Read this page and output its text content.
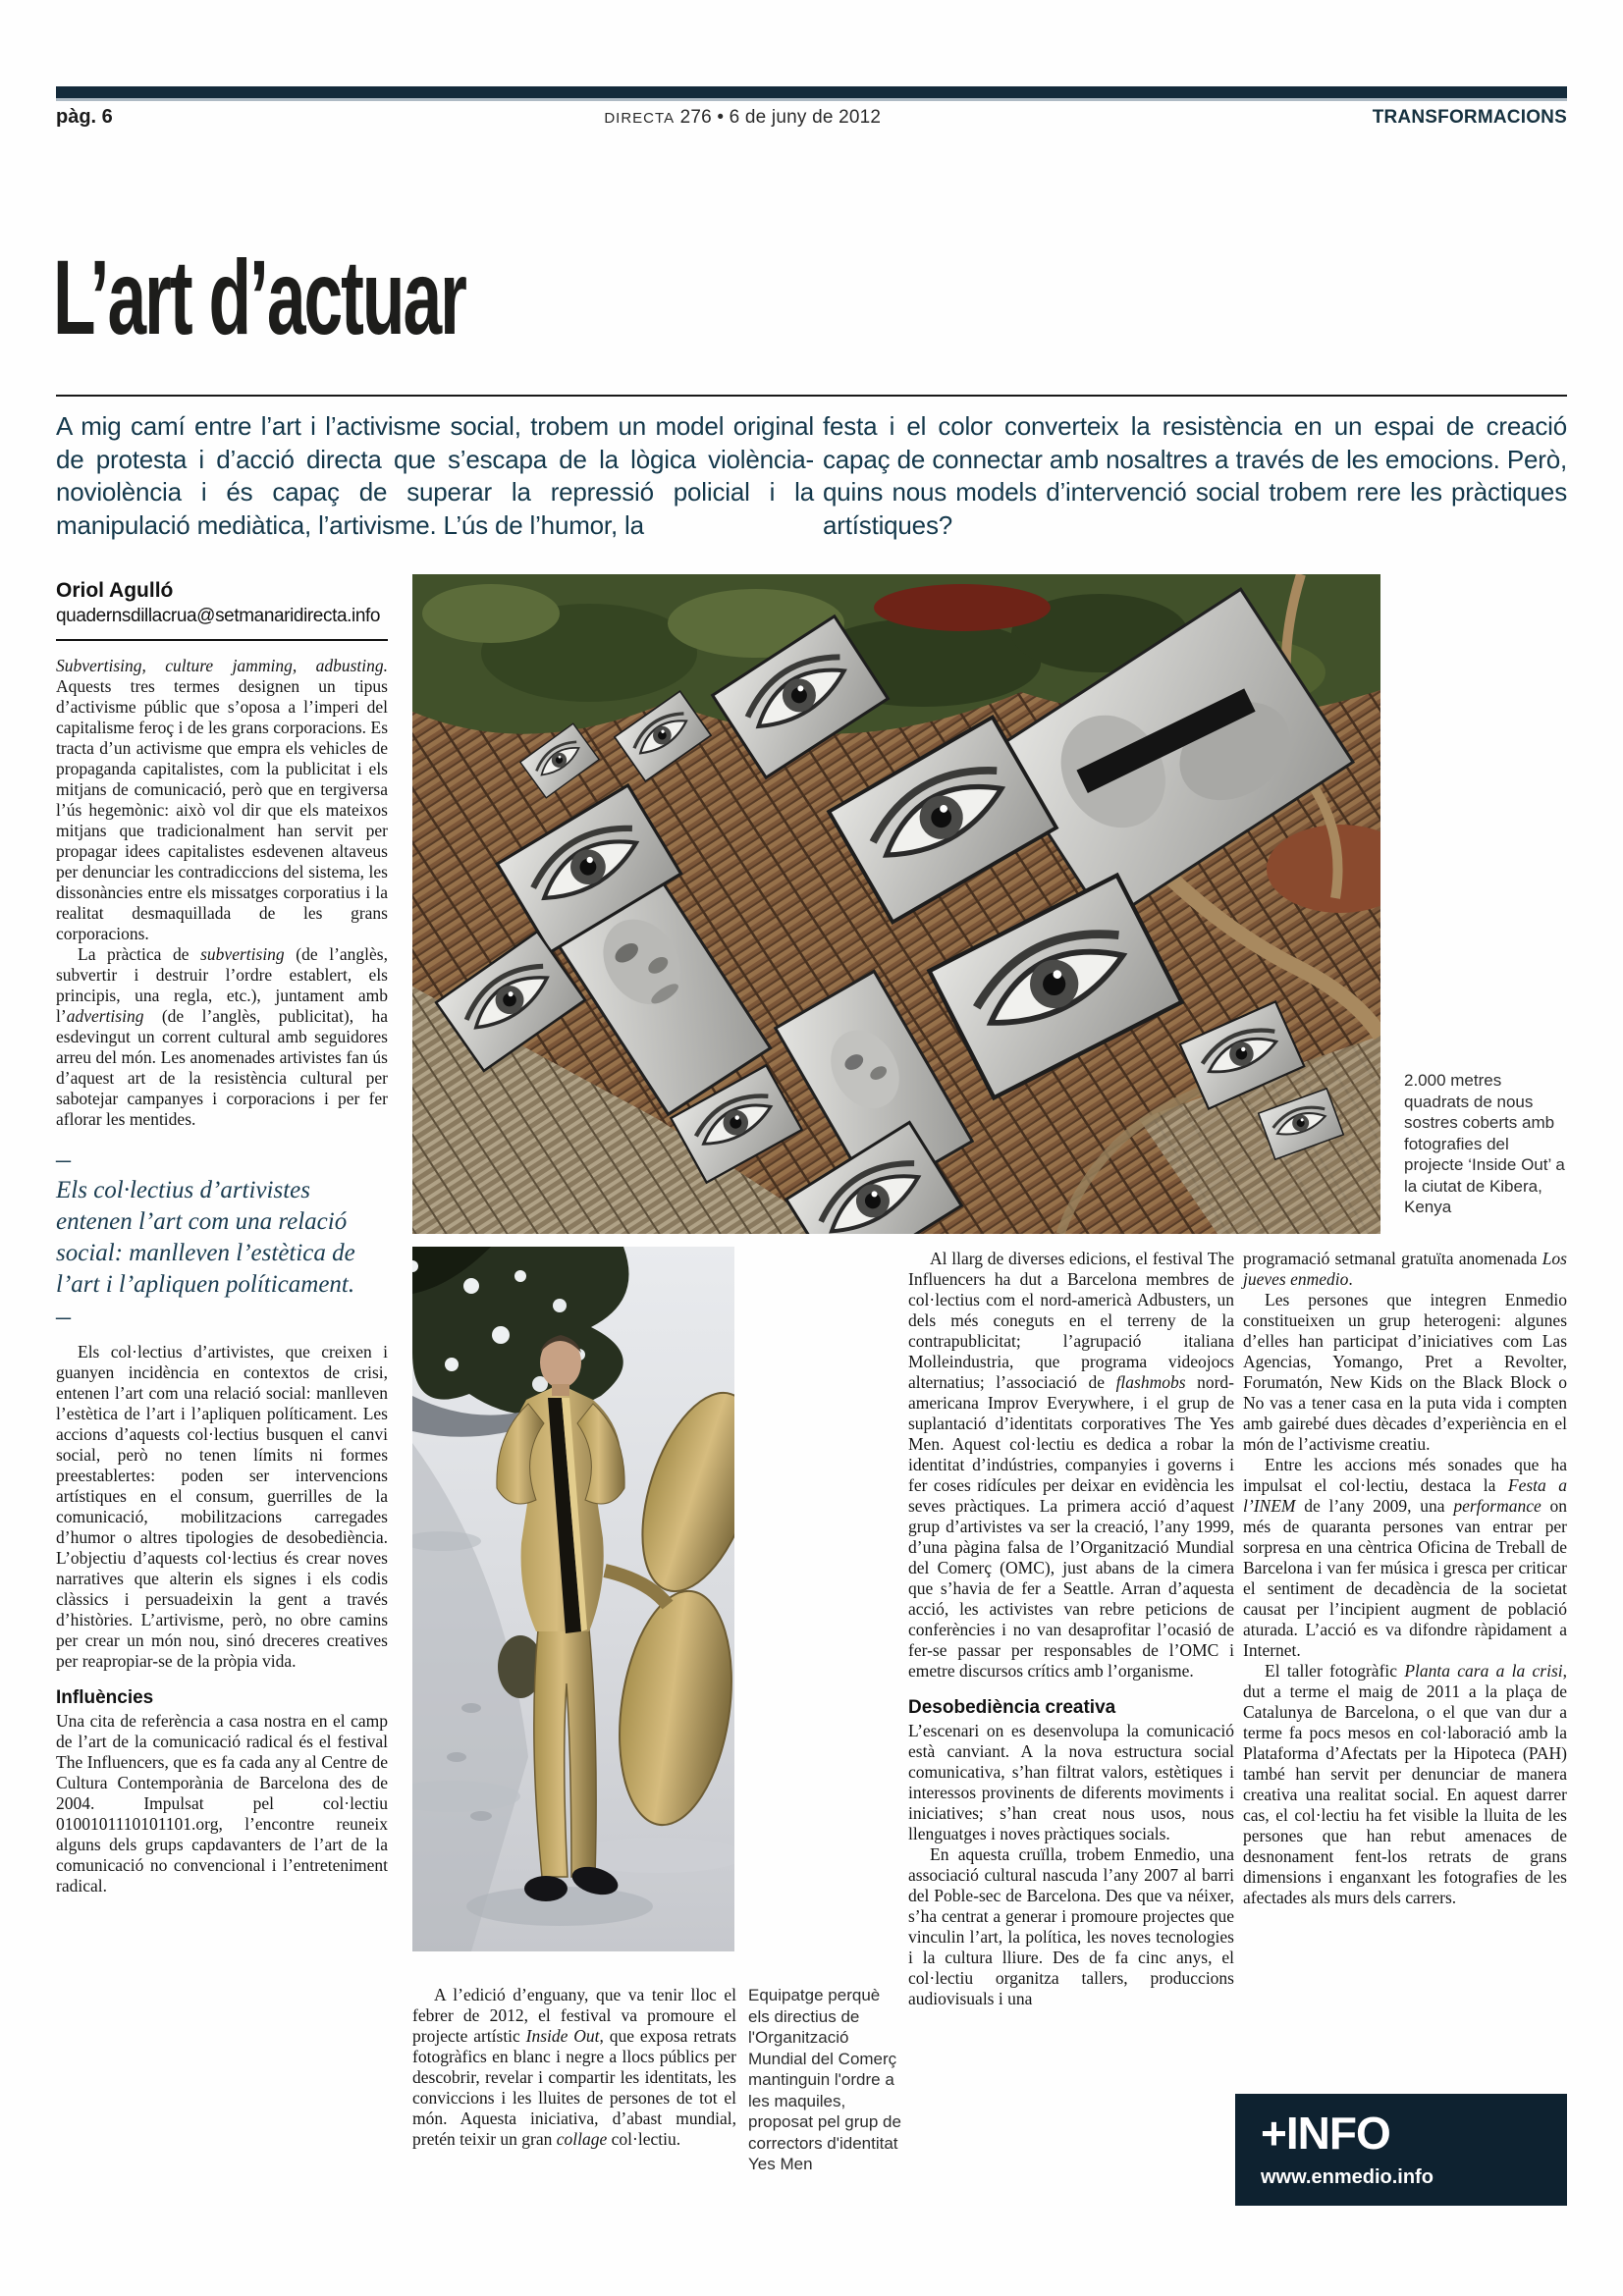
pàg. 6	DIRECTA 276 • 6 de juny de 2012	TRANSFORMACIONS
L’art d’actuar
A mig camí entre l’art i l’activisme social, trobem un model original de protesta i d’acció directa que s’escapa de la lògica violència-noviolència i és capaç de superar la repressió policial i la manipulació mediàtica, l’artivisme. L’ús de l’humor, la
festa i el color converteix la resistència en un espai de creació capaç de connectar amb nosaltres a través de les emocions. Però, quins nous models d’intervenció social trobem rere les pràctiques artístiques?
Oriol Agulló
quadernsdillacrua@setmanaridirecta.info
2.000 metres quadrats de nous sostres coberts amb fotografies del projecte ‘Inside Out’ a la ciutat de Kibera, Kenya
Equipatge perquè els directius de l'Organització Mundial del Comerç mantinguin l'ordre a les maquiles, proposat pel grup de correctors d'identitat Yes Men

Subvertising, culture jamming, adbusting. Aquests tres termes designen un tipus d’activisme públic que s’oposa a l’imperi del capitalisme feroç i de les grans corporacions. Es tracta d’un activisme que empra els vehicles de propaganda capitalistes, com la publicitat i els mitjans de comunicació, però que en tergiversa l’ús hegemònic: això vol dir que els mateixos mitjans que tradicionalment han servit per propagar idees capitalistes esdevenen altaveus per denunciar les contradiccions del sistema, les dissonàncies entre els missatges corporatius i la realitat desmaquillada de les grans corporacions.

La pràctica de subvertising (de l’anglès, subvertir i destruir l’ordre establert, els principis, una regla, etc.), juntament amb l’advertising (de l’anglès, publicitat), ha esdevingut un corrent cultural amb seguidores arreu del món. Les anomenades artivistes fan ús d’aquest art de la resistència cultural per sabotejar campanyes i corporacions i per fer aflorar les mentides.

–
Els col·lectius d’artivistes entenen l’art com una relació social: manlleven l’estètica de l’art i l’apliquen políticament.
–

Els col·lectius d’artivistes, que creixen i guanyen incidència en contextos de crisi, entenen l’art com una relació social: manlleven l’estètica de l’art i l’apliquen políticament. Les accions d’aquests col·lectius busquen el canvi social, però no tenen límits ni formes preestablertes: poden ser intervencions artístiques en el consum, guerrilles de la comunicació, mobilitzacions carregades d’humor o altres tipologies de desobediència. L’objectiu d’aquests col·lectius és crear noves narratives que alterin els signes i els codis clàssics i persuadeixin la gent a través d’històries. L’artivisme, però, no obre camins per crear un món nou, sinó dreceres creatives per reapropiar-se de la pròpia vida.

Influències

Una cita de referència a casa nostra en el camp de l’art de la comunicació radical és el festival The Influencers, que es fa cada any al Centre de Cultura Contemporània de Barcelona des de 2004. Impulsat pel col·lectiu 0100101110101101.org, l’encontre reuneix alguns dels grups capdavanters de l’art de la comunicació no convencional i l’entreteniment radical.

A l’edició d’enguany, que va tenir lloc el febrer de 2012, el festival va promoure el projecte artístic Inside Out, que exposa retrats fotogràfics en blanc i negre a llocs públics per descobrir, revelar i compartir les identitats, les conviccions i les lluites de persones de tot el món. Aquesta iniciativa, d’abast mundial, pretén teixir un gran collage col·lectiu.

Al llarg de diverses edicions, el festival The Influencers ha dut a Barcelona membres de col·lectius com el nord-americà Adbusters, un dels més coneguts en el terreny de la contrapublicitat; l’agrupació italiana Molleindustria, que programa videojocs alternatius; l’associació de flashmobs nord-americana Improv Everywhere, i el grup de suplantació d’identitats corporatives The Yes Men. Aquest col·lectiu es dedica a robar la identitat d’indústries, companyies i governs i fer coses ridícules per deixar en evidència les seves pràctiques. La primera acció d’aquest grup d’artivistes va ser la creació, l’any 1999, d’una pàgina falsa de l’Organització Mundial del Comerç (OMC), just abans de la cimera que s’havia de fer a Seattle. Arran d’aquesta acció, les activistes van rebre peticions de conferències i no van desaprofitar l’ocasió de fer-se passar per responsables de l’OMC i emetre discursos crítics amb l’organisme.

Desobediència creativa

L’escenari on es desenvolupa la comunicació està canviant. A la nova estructura social comunicativa, s’han filtrat valors, estètiques i interessos provinents de diferents moviments i iniciatives; s’han creat nous usos, nous llenguatges i noves pràctiques socials.

En aquesta cruïlla, trobem Enmedio, una associació cultural nascuda l’any 2007 al barri del Poble-sec de Barcelona. Des que va néixer, s’ha centrat a generar i promoure projectes que vinculin l’art, la política, les noves tecnologies i la cultura lliure. Des de fa cinc anys, el col·lectiu organitza tallers, produccions audiovisuals i una

programació setmanal gratuïta anomenada Los jueves enmedio.

Les persones que integren Enmedio constitueixen un grup heterogeni: algunes d’elles han participat d’iniciatives com Las Agencias, Yomango, Pret a Revolter, Forumatón, New Kids on the Black Block o No vas a tener casa en la puta vida i compten amb gairebé dues dècades d’experiència en el món de l’activisme creatiu.

Entre les accions més sonades que ha impulsat el col·lectiu, destaca la Festa a l’INEM de l’any 2009, una performance on més de quaranta persones van entrar per sorpresa en una cèntrica Oficina de Treball de Barcelona i van fer música i gresca per criticar el sentiment de decadència de la societat causat per l’incipient augment de població aturada. L’acció es va difondre ràpidament a Internet.

El taller fotogràfic Planta cara a la crisi, dut a terme el maig de 2011 a la plaça de Catalunya de Barcelona, o el que van dur a terme fa pocs mesos en col·laboració amb la Plataforma d’Afectats per la Hipoteca (PAH) també han servit per denunciar de manera creativa una realitat social. En aquest darrer cas, el col·lectiu ha fet visible la lluita de les persones que han rebut amenaces de desnonament fent-los retrats de grans dimensions i enganxant les fotografies de les afectades als murs dels carrers.

+INFO
www.enmedio.info
